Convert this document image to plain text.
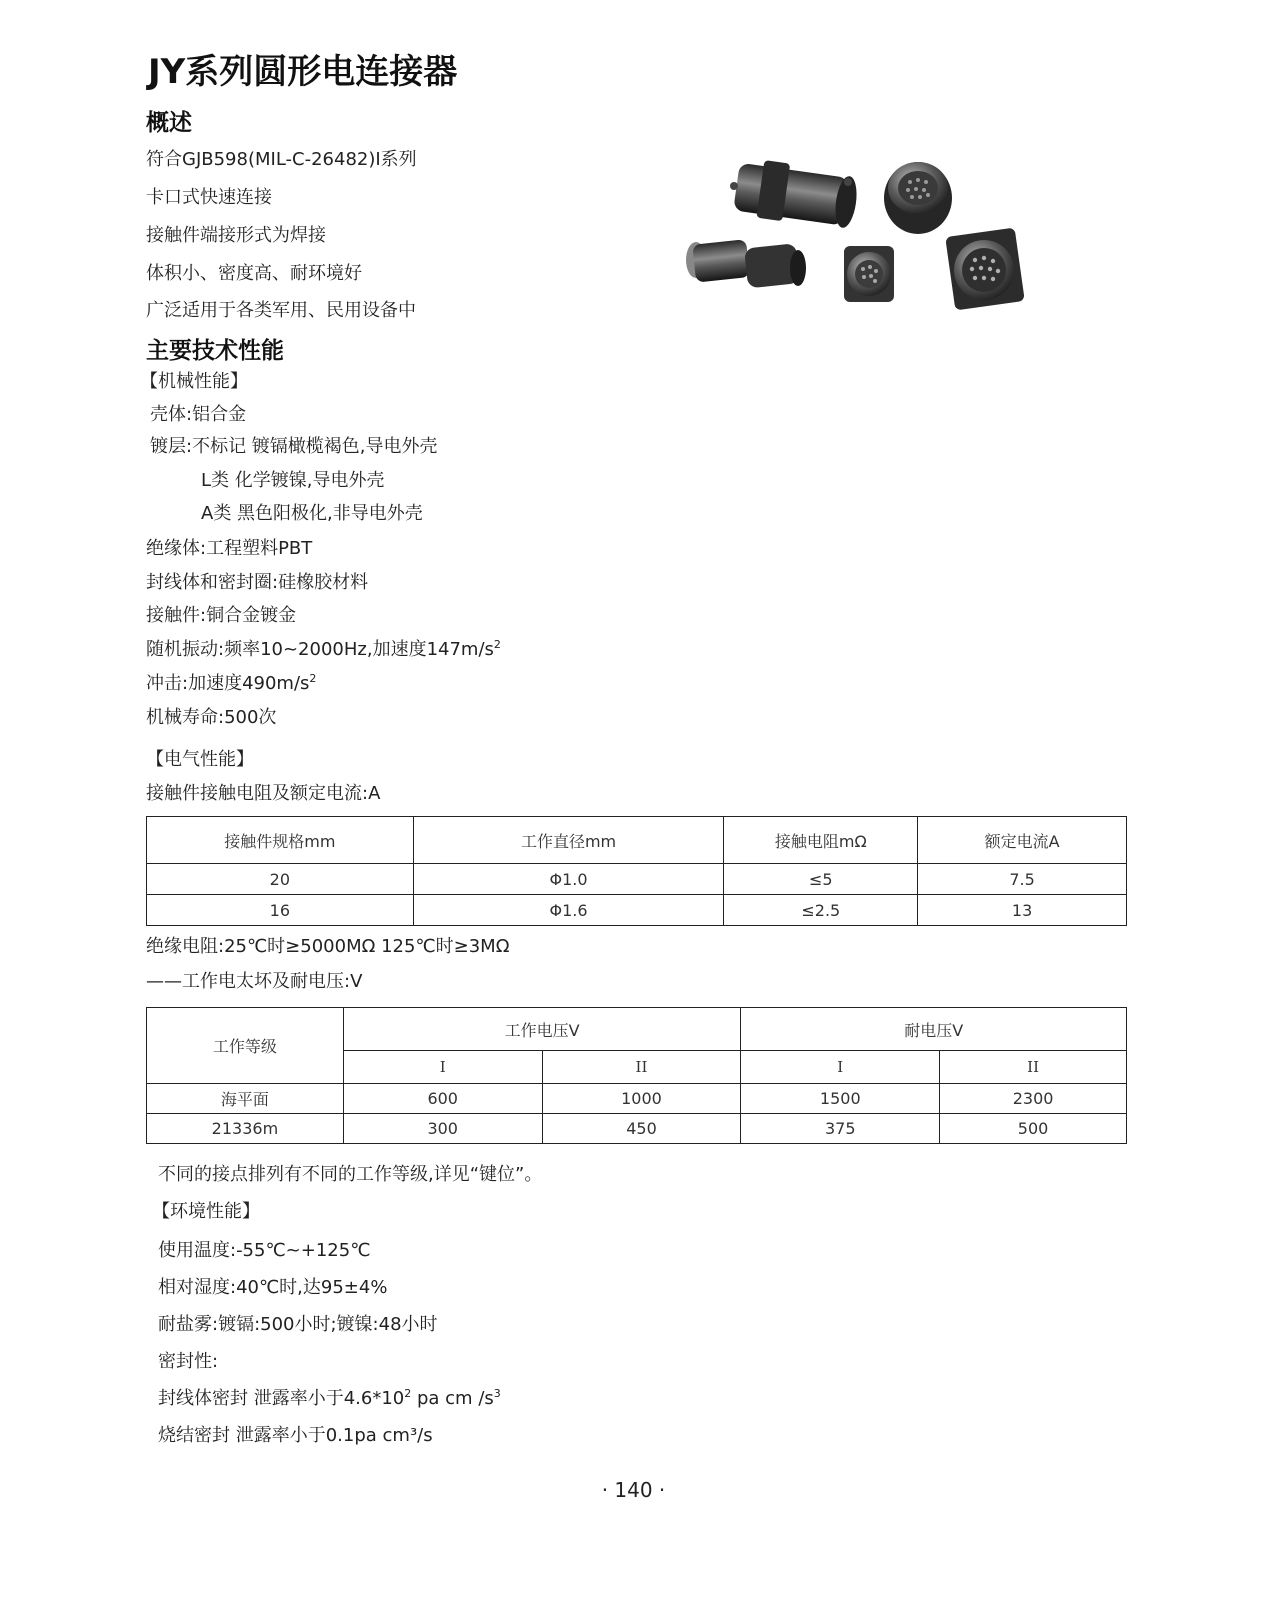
JY系列圆形电连接器
概述
符合GJB598(MIL-C-26482)I系列
卡口式快速连接
接触件端接形式为焊接
体积小、密度高、耐环境好
广泛适用于各类军用、民用设备中
主要技术性能
【机械性能】
壳体:铝合金
镀层:不标记 镀镉橄榄褐色,导电外壳
L类 化学镀镍,导电外壳
A类 黑色阳极化,非导电外壳
绝缘体:工程塑料PBT
封线体和密封圈:硅橡胶材料
接触件:铜合金镀金
随机振动:频率10~2000Hz,加速度$147m/s^2$
冲击:加速度$490m/s^2$
机械寿命:500次
【电气性能】
接触件接触电阻及额定电流:A
接触件规格mm	工作直径mm	接触电阻mΩ	额定电流A
20	Φ1.0	≤5	7.5
16	Φ1.6	≤2.5	13
绝缘电阻:25℃时≥5000MΩ 125℃时≥3MΩ
——工作电太坏及耐电压:V
工作等级	工作电压V		耐电压V	
	I	II	I	II
海平面	600	1000	1500	2300
21336m	300	450	375	500
不同的接点排列有不同的工作等级,详见“键位”。
【环境性能】
使用温度:-55℃~+125℃
相对湿度:40℃时,达95±4%
耐盐雾:镀镉:500小时;镀镍:48小时
密封性:
封线体密封 泄露率小于$4.6*10^2$ pa cm $/s^3$
烧结密封 泄露率小于0.1pa cm³/s
· 140 ·
